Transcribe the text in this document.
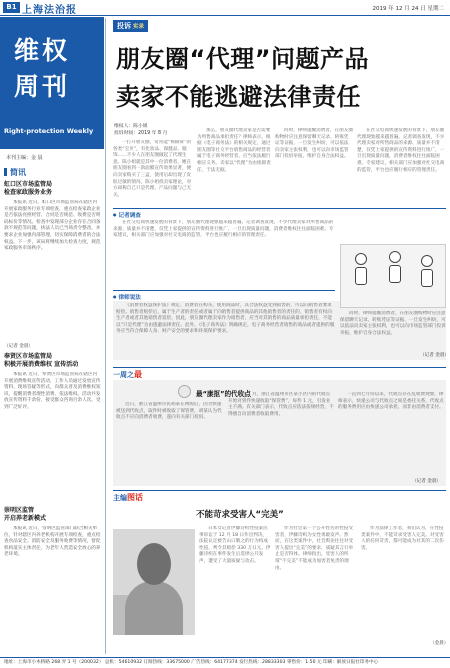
B1 上海法治报	2019 年 12 月 24 日 星期二
维权
周刊
Right-protection Weekly
本刊主编：金 晨
简讯
虹口区市场监管局
检查家政服务业务
本报讯 近日，虹口区市场监管局在辖区内开展家政服务行业专项检查，重点检查家政企业是否依法亮照经营、合同是否规范、收费是否明码标价等情况。检查中发现部分企业存在合同条款不规范等问题，执法人员已当场责令整改，并要求企业加强内部管理，切实保障消费者的合法权益。下一步，该局将继续加大检查力度，规范家政服务市场秩序。
（记者 金晨）
奉贤区市场监管局
积极开展消费维权 宣传活动
本报讯 近日，奉贤区市场监管局在辖区内开展消费维权宣传活动，工作人员通过发放宣传资料、现场答疑等形式，向群众普及消费维权知识，提醒消费者理性消费、依法维权。活动共发放宣传资料千余份，接受群众咨询百余人次，受到广泛好评。
崇明区监管
开启养老新模式
本报讯 近日，崇明区监管部门联合相关单位，针对辖区内养老机构开展专项检查，重点检查食品安全、消防安全及服务收费等情况，督促机构落实主体责任，为老年人营造安全放心的养老环境。
投诉 实录
朋友圈“代理”问题产品
卖家不能逃避法律责任
维权人：陈小姐
投诉时间：2019 年 8 月
一打开朋友圈，常常能“被刷屏”的各类“宝贝”，有化妆品、保健品、服饰……不少人在朋友圈做起了代理生意。陈小姐就是其中一位消费者，她在朋友圈看到一款面膜宣传效果显著，便向卖家购买了三盒，使用后却出现了皮肤过敏的情况。陈小姐找卖家理论，对方却称自己只是代理，产品问题与己无关。
那么，朋友圈代理卖家是否需要为所售商品承担责任？律师表示，根据《电子商务法》的相关规定，通过朋友圈等社交平台销售商品的经营者属于电子商务经营者，应当依法履行相应义务。卖家以“代理”为由推卸责任，于法无据。
同时，律师提醒消费者，在朋友圈购物时应注意保留聊天记录、转账凭证等证据，一旦发生纠纷，可以依法向卖家主张权利，也可以向市场监管部门投诉举报，维护自身合法权益。
在社交电商快速发展的背景下，朋友圈代理现象越来越普遍。记者调查发现，不少代理卖家对所售商品的来源、质量并不清楚，仅凭上家提供的宣传资料进行推广，一旦出现质量问题，消费者维权往往面临困难。专家建议，相关部门应加强对社交电商的监管，平台也应履行相应的管理责任。
● 记者调查
在社交电商快速发展的背景下，朋友圈代理现象越来越普遍。记者调查发现，不少代理卖家对所售商品的来源、质量并不清楚，仅凭上家提供的宣传资料进行推广，一旦出现质量问题，消费者维权往往面临困难。专家建议，相关部门应加强对社交电商的监管，平台也应履行相应的管理责任。
● 律师说法
《消费者权益保护法》规定，消费者在购买、使用商品时，其合法权益受到损害的，可以向销售者要求赔偿。销售者赔偿后，属于生产者的责任或者属于向销售者提供商品的其他销售者的责任的，销售者有权向生产者或者其他销售者追偿。因此，朋友圈代理卖家作为销售者，应当对其销售的商品质量承担责任，不能以“只是代理”为由逃避法律责任。此外，《电子商务法》明确规定，电子商务经营者销售的商品或者提供的服务应当符合保障人身、财产安全的要求和环境保护要求。
同时，律师提醒消费者，在朋友圈购物时应注意保留聊天记录、转账凭证等证据，一旦发生纠纷，可以依法向卖家主张权利，也可以向市场监管部门投诉举报，维护自身合法权益。
（记者 金晨）
一周之最
最“康抠”的代收点
近日，浙江省温州市民胡某在网购后，因为快递被送到代收点，取件时被收取了保管费，胡某认为代收点不应向消费者收费，遂向有关部门投诉。
今年 7 月，浙江省温州市区某小区内的代收点开始对到件快递收取“保管费”，每件 1 元，引发业主不满。有关部门表示，代收点应依法依规经营，不得擅自向消费者收取费用。
一直到七月份以来，代收点存在乱收费现象，律师表示，快递公司与代收点之间是委托关系，代收点的服务费用应由快递公司承担，而非由消费者支付。
（记者 金晨）
主编图话
不能苛求受害人“完美”
日本女记者伊藤诗织性侵案民事诉讼于 12 月 18 日作出判决，法院认定被告山口敬之的行为构成性侵，判令其赔偿 330 万日元。伊藤诗织在事件发生后选择公开发声，遭受了大量质疑与攻击。
作为社会第一个公开姓名的性侵受害者，伊藤诗织为女性勇敢发声。然而，在这类案件中，社会舆论往往对受害人提出“完美”的要求，质疑其言行举止是否得体。律师指出，受害人的所谓“不完美”不能成为加害者免责的理由。
作为法律工作者，我们认为，在性侵类案件中，不能苛求受害人完美。对受害人的任何苛责，都可能成为对其的二次伤害。
（金晨）
地址：上海市小木桥路 268 弄 1 号（200032） 总机：54610932 订阅热线：33675000 广告热线：64177374 发行热线：28833303 零售价：1.50 元 印刷：解放日报社印务中心
